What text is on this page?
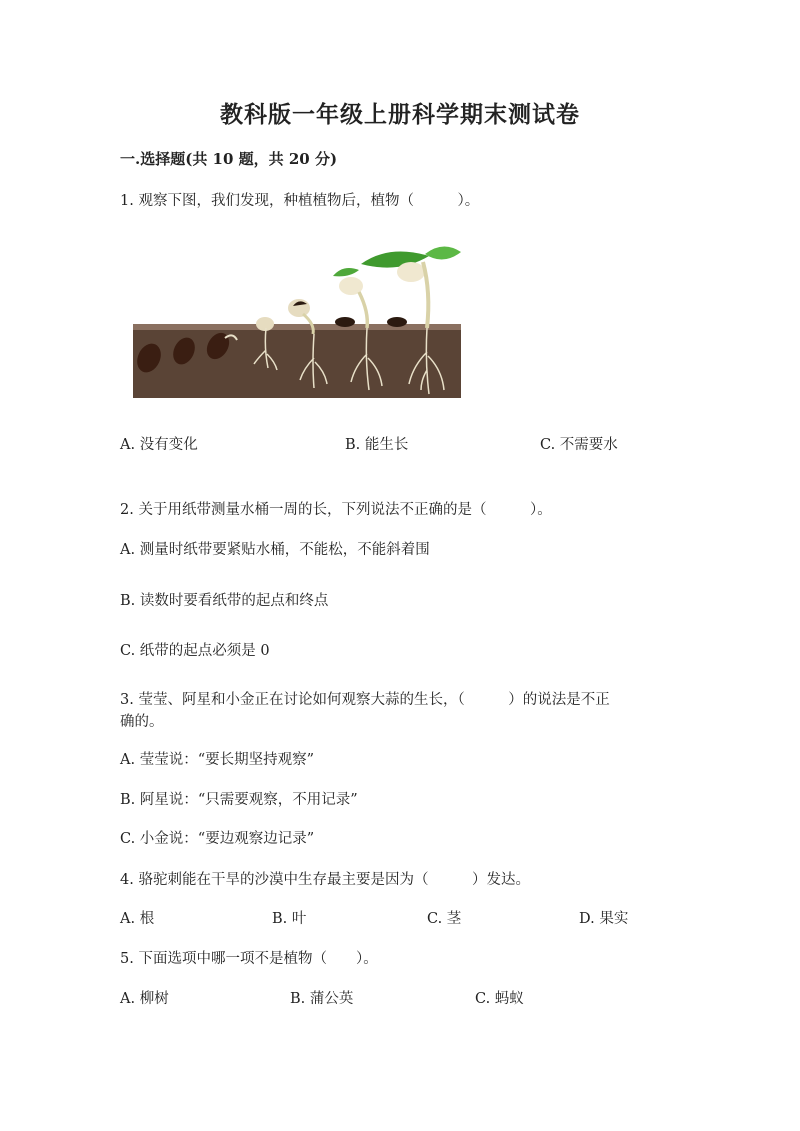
教科版一年级上册科学期末测试卷
一.选择题(共 10 题，共 20 分)
1. 观察下图，我们发现，种植植物后，植物（　　　）。
A. 没有变化	B. 能生长	C. 不需要水
2. 关于用纸带测量水桶一周的长，下列说法不正确的是（　　　）。
A. 测量时纸带要紧贴水桶，不能松，不能斜着围
B. 读数时要看纸带的起点和终点
C. 纸带的起点必须是 0
3. 莹莹、阿星和小金正在讨论如何观察大蒜的生长，（　　　）的说法是不正
确的。
A. 莹莹说：“要长期坚持观察”
B. 阿星说：“只需要观察，不用记录”
C. 小金说：“要边观察边记录”
4. 骆驼刺能在干旱的沙漠中生存最主要是因为（　　　）发达。
A. 根	B. 叶	C. 茎	D. 果实
5. 下面选项中哪一项不是植物（　　）。
A. 柳树	B. 蒲公英	C. 蚂蚁
